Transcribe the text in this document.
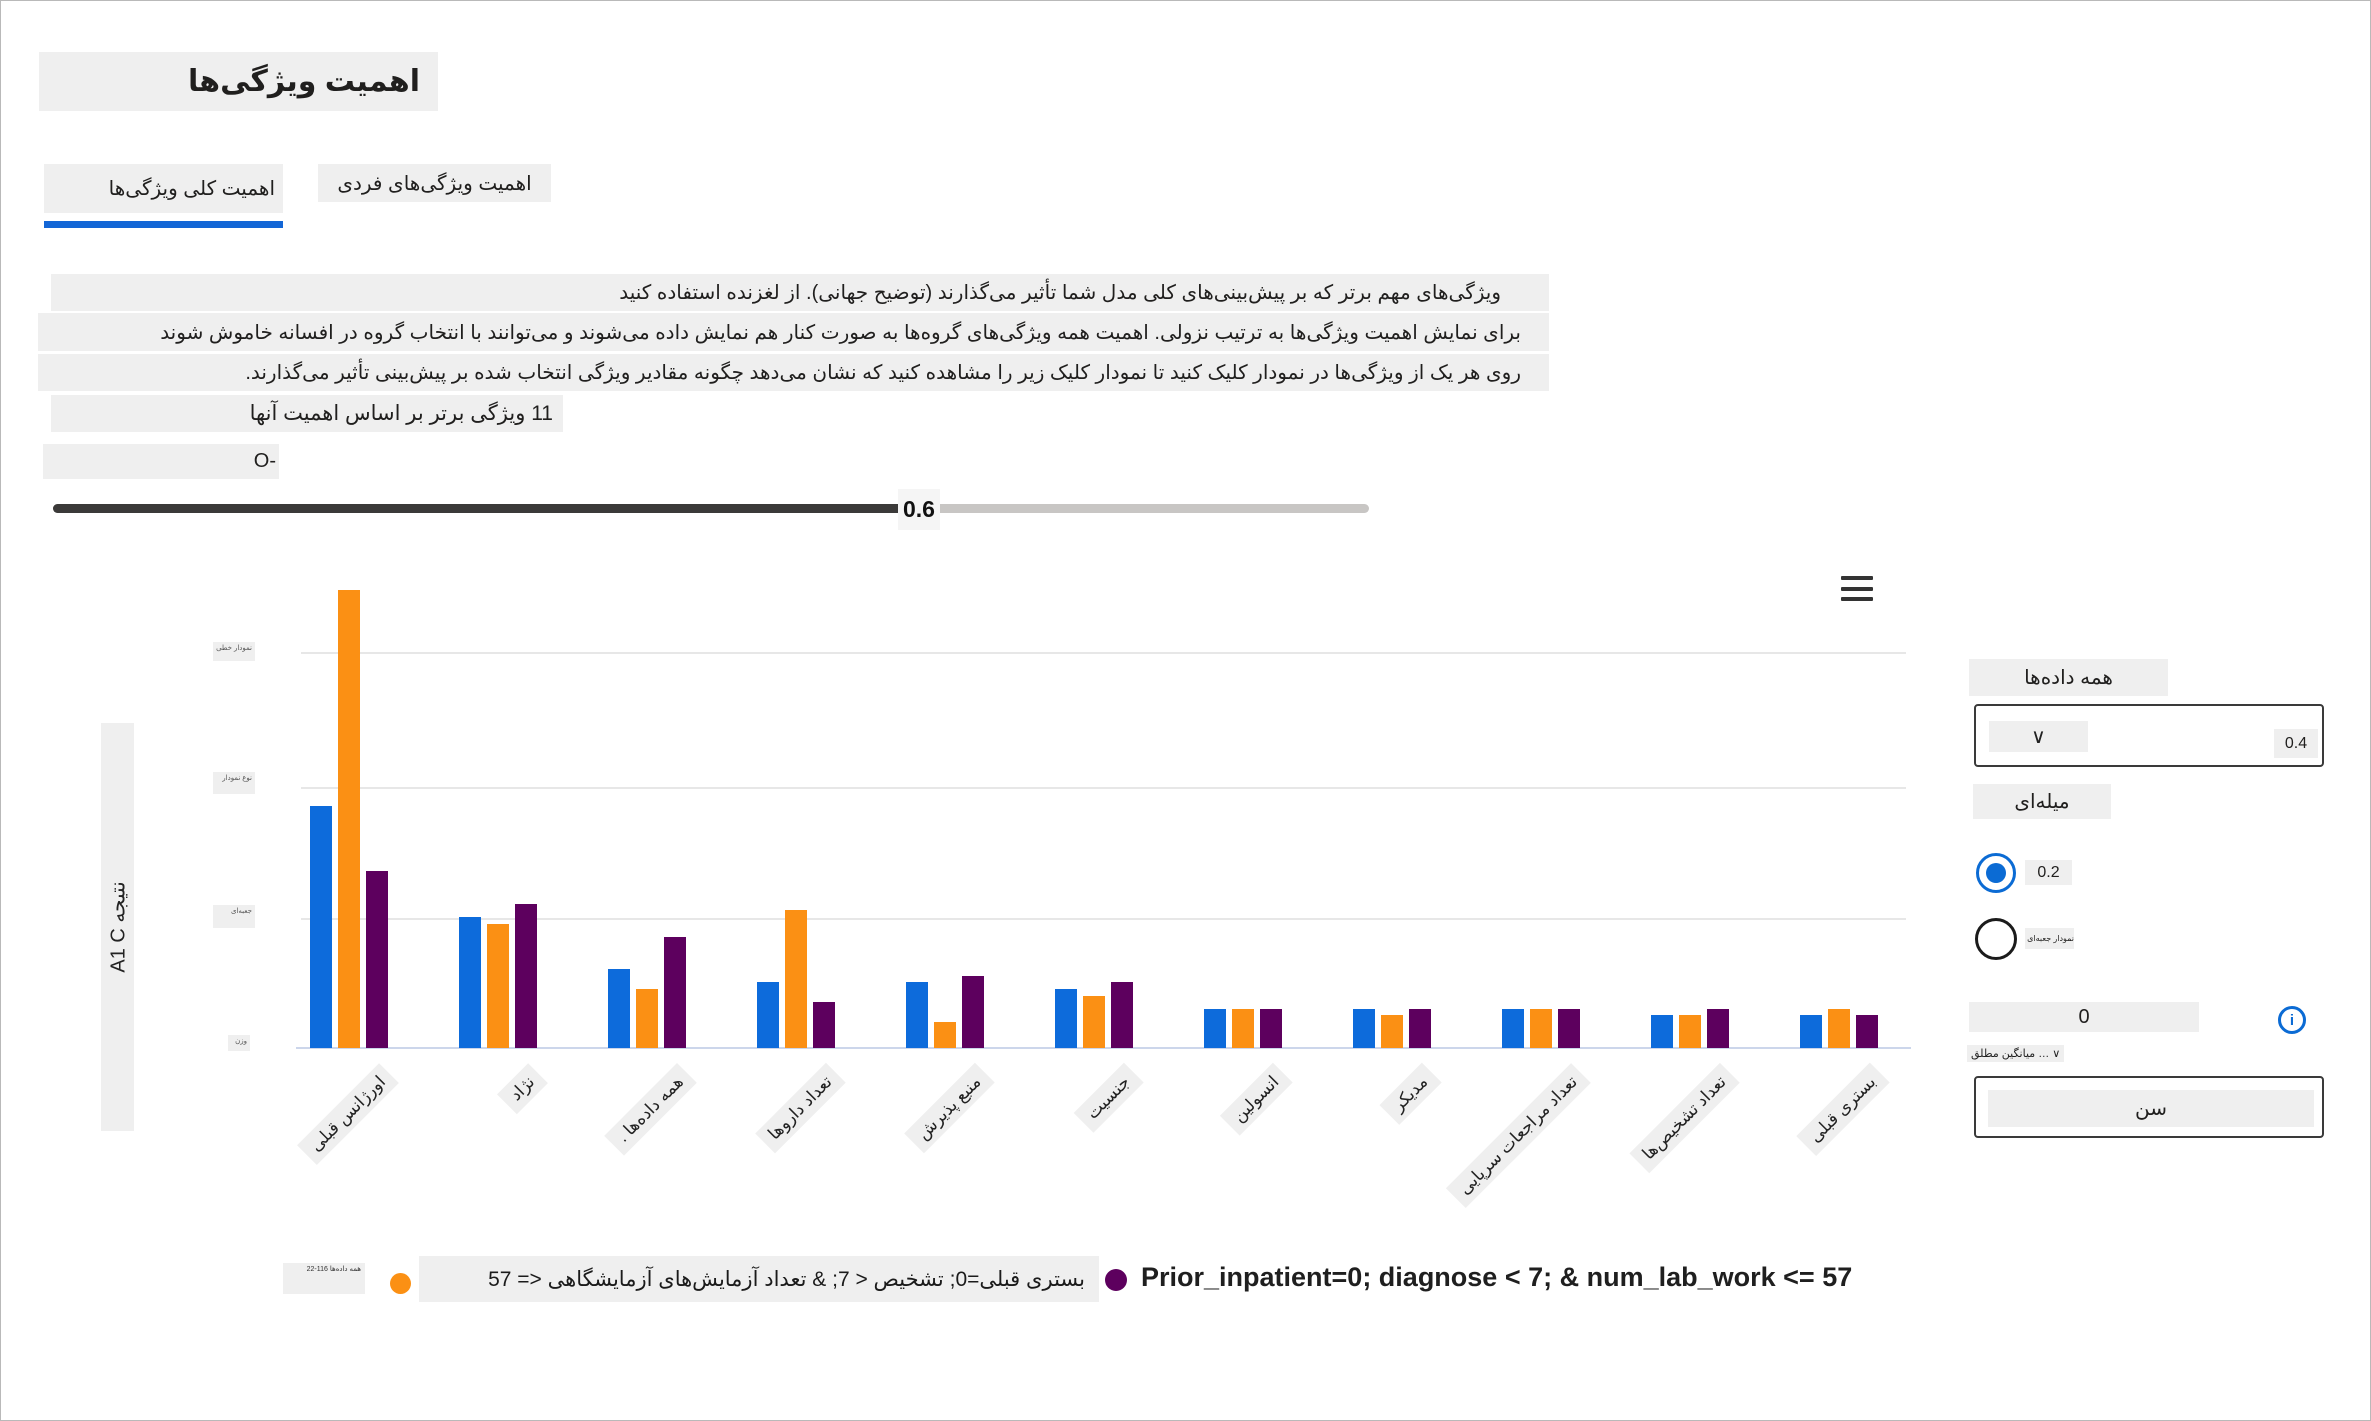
اهمیت ویژگی‌ها
اهمیت کلی ویژگی‌ها	اهمیت ویژگی‌های فردی
ویژگی‌های مهم برتر که بر پیش‌بینی‌های کلی مدل شما تأثیر می‌گذارند (توضیح جهانی). از لغزنده استفاده کنید
برای نمایش اهمیت ویژگی‌ها به ترتیب نزولی. اهمیت همه ویژگی‌های گروه‌ها به صورت کنار هم نمایش داده می‌شوند و می‌توانند با انتخاب گروه در افسانه خاموش شوند
روی هر یک از ویژگی‌ها در نمودار کلیک کنید تا نمودار کلیک زیر را مشاهده کنید که نشان می‌دهد چگونه مقادیر ویژگی انتخاب شده بر پیش‌بینی تأثیر می‌گذارند.
11 ویژگی برتر بر اساس اهمیت آنها
-O
0.6
نمودار خطی
نوع نمودار
جعبه‌ای
وزن
نتیجه A1 C
اورژانس قبلی	نژاد	همه داده‌ها .	تعداد داروها	منبع پذیرش	جنسیت	انسولین	مدیکر	تعداد مراجعات سرپایی	تعداد تشخیص‌ها	بستری قبلی
همه داده‌ها 116-22	بستری قبلی=0; تشخیص < 7; & تعداد آزمایش‌های آزمایشگاهی <= 57	Prior_inpatient=0; diagnose < 7; & num_lab_work <= 57
همه داده‌ها
∨	0.4
میله‌ای
0.2
نمودار جعبه‌ای
0	i
∨ … میانگین مطلق
سن
